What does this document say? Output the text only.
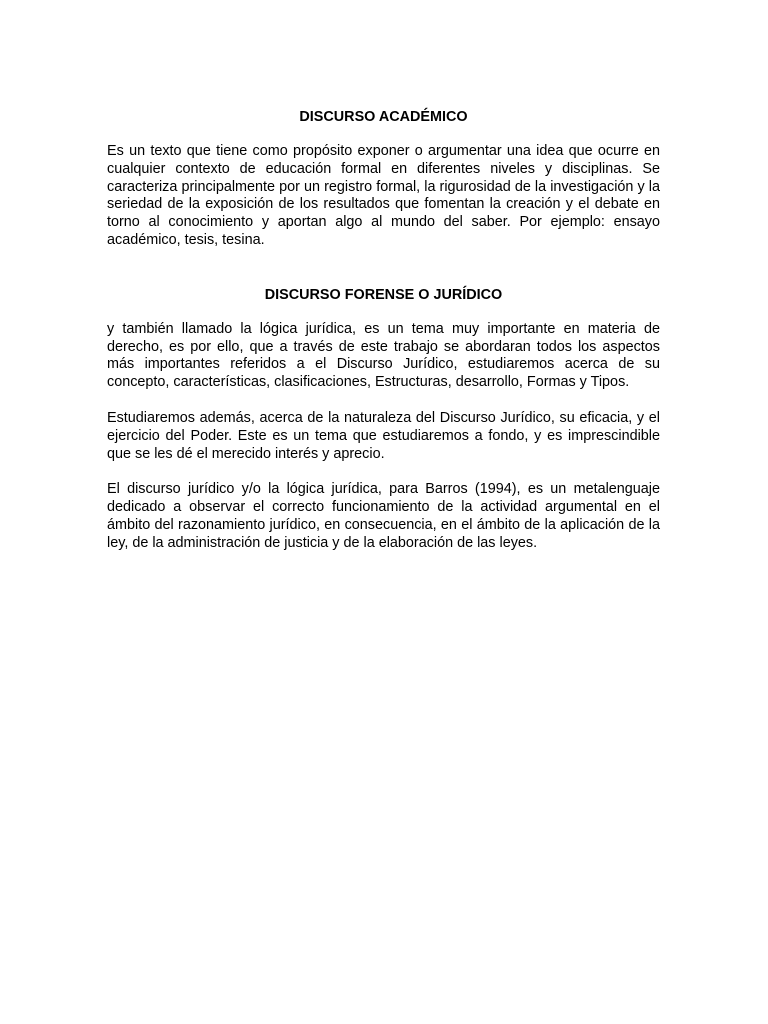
DISCURSO ACADÉMICO

Es un texto que tiene como propósito exponer o argumentar una idea que ocurre en cualquier contexto de educación formal en diferentes niveles y disciplinas. Se caracteriza principalmente por un registro formal, la rigurosidad de la investigación y la seriedad de la exposición de los resultados que fomentan la creación y el debate en torno al conocimiento y aportan algo al mundo del saber. Por ejemplo: ensayo académico, tesis, tesina.

DISCURSO FORENSE O JURÍDICO

y también llamado la lógica jurídica, es un tema muy importante en materia de derecho, es por ello, que a través de este trabajo se abordaran todos los aspectos más importantes referidos a el Discurso Jurídico, estudiaremos acerca de su concepto, características, clasificaciones, Estructuras, desarrollo, Formas y Tipos.

Estudiaremos además, acerca de la naturaleza del Discurso Jurídico, su eficacia, y el ejercicio del Poder. Este es un tema que estudiaremos a fondo, y es imprescindible que se les dé el merecido interés y aprecio.

El discurso jurídico y/o la lógica jurídica, para Barros (1994), es un metalenguaje dedicado a observar el correcto funcionamiento de la actividad argumental en el ámbito del razonamiento jurídico, en consecuencia, en el ámbito de la aplicación de la ley, de la administración de justicia y de la elaboración de las leyes.
